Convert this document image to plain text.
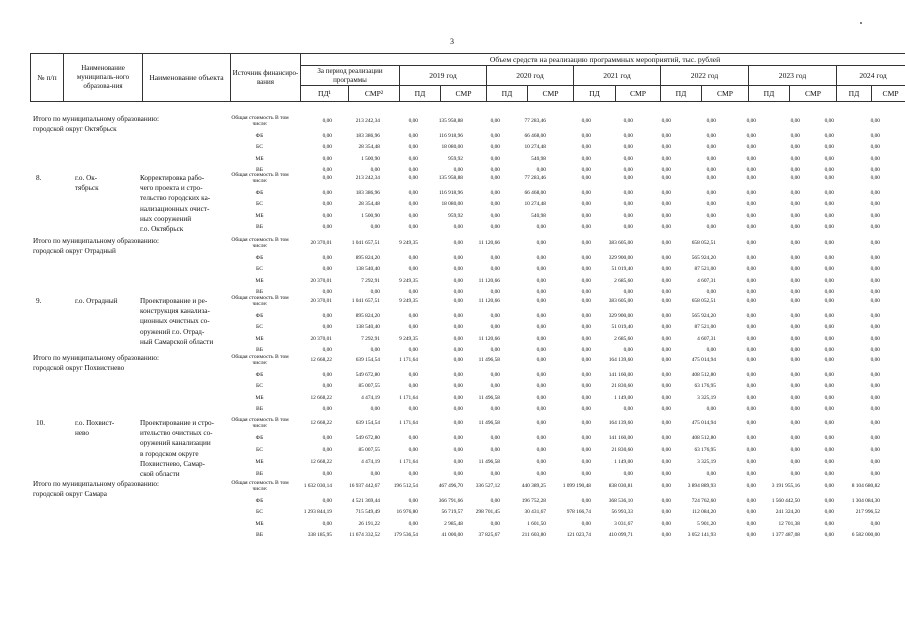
3
№ п/п	Наименование муниципаль-ного образова-ния	Наименование объекта	Источник финансиро-вания	Объем средств на реализацию программных мероприятий, тыс. рублей													
				За период реализации программы		2019 год		2020 год		2021 год		2022 год		2023 год		2024 год	
				ПД¹	СМР²	ПД	СМР	ПД	СМР	ПД	СМР	ПД	СМР	ПД	СМР	ПД	СМР
Итого по муниципальному образованию:
городской округ Октябрьск
Общая стоимость В том числе:	0,00	213 242,34	0,00	135 958,88	0,00	77 283,46	0,00	0,00	0,00	0,00	0,00	0,00	0,00	0,00
ФБ	0,00	183 386,96	0,00	116 918,96	0,00	66 468,00	0,00	0,00	0,00	0,00	0,00	0,00	0,00	0,00
БС	0,00	28 354,48	0,00	18 080,00	0,00	10 274,48	0,00	0,00	0,00	0,00	0,00	0,00	0,00	0,00
МБ	0,00	1 500,90	0,00	959,92	0,00	540,98	0,00	0,00	0,00	0,00	0,00	0,00	0,00	0,00
ВБ	0,00	0,00	0,00	0,00	0,00	0,00	0,00	0,00	0,00	0,00	0,00	0,00	0,00	0,00
8.	г.о. Ок-
тябрьск
Корректировка рабо-
чего проекта и стро-
тельство городских ка-
нализационных очист-
ных сооружений
г.о. Октябрьск
Общая стоимость В том числе:	0,00	213 242,34	0,00	135 958,88	0,00	77 283,46	0,00	0,00	0,00	0,00	0,00	0,00	0,00	0,00
ФБ	0,00	183 386,96	0,00	116 918,96	0,00	66 468,00	0,00	0,00	0,00	0,00	0,00	0,00	0,00	0,00
БС	0,00	28 354,48	0,00	18 080,00	0,00	10 274,48	0,00	0,00	0,00	0,00	0,00	0,00	0,00	0,00
МБ	0,00	1 500,90	0,00	959,92	0,00	540,98	0,00	0,00	0,00	0,00	0,00	0,00	0,00	0,00
ВБ	0,00	0,00	0,00	0,00	0,00	0,00	0,00	0,00	0,00	0,00	0,00	0,00	0,00	0,00
Итого по муниципальному образованию:
городской округ Отрадный
Общая стоимость В том числе:	20 370,01	1 041 657,51	9 249,35	0,00	11 120,66	0,00	0,00	383 605,00	0,00	658 052,51	0,00	0,00	0,00	0,00
ФБ	0,00	895 824,20	0,00	0,00	0,00	0,00	0,00	329 900,00	0,00	565 924,20	0,00	0,00	0,00	0,00
БС	0,00	138 540,40	0,00	0,00	0,00	0,00	0,00	51 019,40	0,00	87 521,00	0,00	0,00	0,00	0,00
МБ	20 370,01	7 292,91	9 249,35	0,00	11 120,66	0,00	0,00	2 685,60	0,00	4 607,31	0,00	0,00	0,00	0,00
ВБ	0,00	0,00	0,00	0,00	0,00	0,00	0,00	0,00	0,00	0,00	0,00	0,00	0,00	0,00
9.	г.о. Отрадный	Проектирование и ре-
конструкция канализа-
ционных очистных со-
оружений г.о. Отрад-
ный Самарской области
Общая стоимость В том числе:	20 370,01	1 041 657,51	9 249,35	0,00	11 120,66	0,00	0,00	383 605,00	0,00	658 052,51	0,00	0,00	0,00	0,00
ФБ	0,00	895 824,20	0,00	0,00	0,00	0,00	0,00	329 900,00	0,00	565 924,20	0,00	0,00	0,00	0,00
БС	0,00	138 540,40	0,00	0,00	0,00	0,00	0,00	51 019,40	0,00	87 521,00	0,00	0,00	0,00	0,00
МБ	20 370,01	7 292,91	9 249,35	0,00	11 120,66	0,00	0,00	2 685,60	0,00	4 607,31	0,00	0,00	0,00	0,00
ВБ	0,00	0,00	0,00	0,00	0,00	0,00	0,00	0,00	0,00	0,00	0,00	0,00	0,00	0,00
Итого по муниципальному образованию:
городской округ Похвистнево
Общая стоимость В том числе:	12 668,22	639 154,54	1 171,64	0,00	11 496,58	0,00	0,00	164 139,60	0,00	475 014,94	0,00	0,00	0,00	0,00
ФБ	0,00	549 672,80	0,00	0,00	0,00	0,00	0,00	141 160,00	0,00	408 512,80	0,00	0,00	0,00	0,00
БС	0,00	85 007,55	0,00	0,00	0,00	0,00	0,00	21 830,60	0,00	63 176,95	0,00	0,00	0,00	0,00
МБ	12 668,22	4 474,19	1 171,64	0,00	11 496,58	0,00	0,00	1 149,00	0,00	3 325,19	0,00	0,00	0,00	0,00
ВБ	0,00	0,00	0,00	0,00	0,00	0,00	0,00	0,00	0,00	0,00	0,00	0,00	0,00	0,00
10.	г.о. Похвист-
нево
Проектирование и стро-
ительство очистных со-
оружений канализации
в городском округе
Похвистнево, Самар-
ской области
Общая стоимость В том числе:	12 668,22	639 154,54	1 171,64	0,00	11 496,58	0,00	0,00	164 139,60	0,00	475 014,94	0,00	0,00	0,00	0,00
ФБ	0,00	549 672,80	0,00	0,00	0,00	0,00	0,00	141 160,00	0,00	408 512,80	0,00	0,00	0,00	0,00
БС	0,00	85 007,55	0,00	0,00	0,00	0,00	0,00	21 830,60	0,00	63 176,95	0,00	0,00	0,00	0,00
МБ	12 668,22	4 474,19	1 171,64	0,00	11 496,58	0,00	0,00	1 149,00	0,00	3 325,19	0,00	0,00	0,00	0,00
ВБ	0,00	0,00	0,00	0,00	0,00	0,00	0,00	0,00	0,00	0,00	0,00	0,00	0,00	0,00
Итого по муниципальному образованию:
городской округ Самара
Общая стоимость В том числе:	1 632 030,14	16 937 442,67	196 512,54	467 496,70	336 527,12	440 389,25	1 099 190,48	838 030,81	0,00	3 894 889,93	0,00	3 191 955,16	0,00	8 104 680,82
ФБ	0,00	4 521 369,44	0,00	366 791,66	0,00	196 752,28	0,00	368 536,10	0,00	724 762,60	0,00	1 560 442,50	0,00	1 304 084,30
БС	1 293 844,19	715 549,49	16 976,80	56 719,57	298 701,45	30 431,67	978 166,74	56 993,33	0,00	112 084,20	0,00	241 324,20	0,00	217 996,52
МБ	0,00	26 191,22	0,00	2 985,48	0,00	1 601,50	0,00	3 031,67	0,00	5 901,20	0,00	12 701,38	0,00	0,00
ВБ	338 185,95	11 674 332,52	179 536,54	41 000,00	37 825,67	211 603,80	121 023,74	410 099,71	0,00	3 052 141,93	0,00	1 377 487,08	0,00	6 582 000,00
